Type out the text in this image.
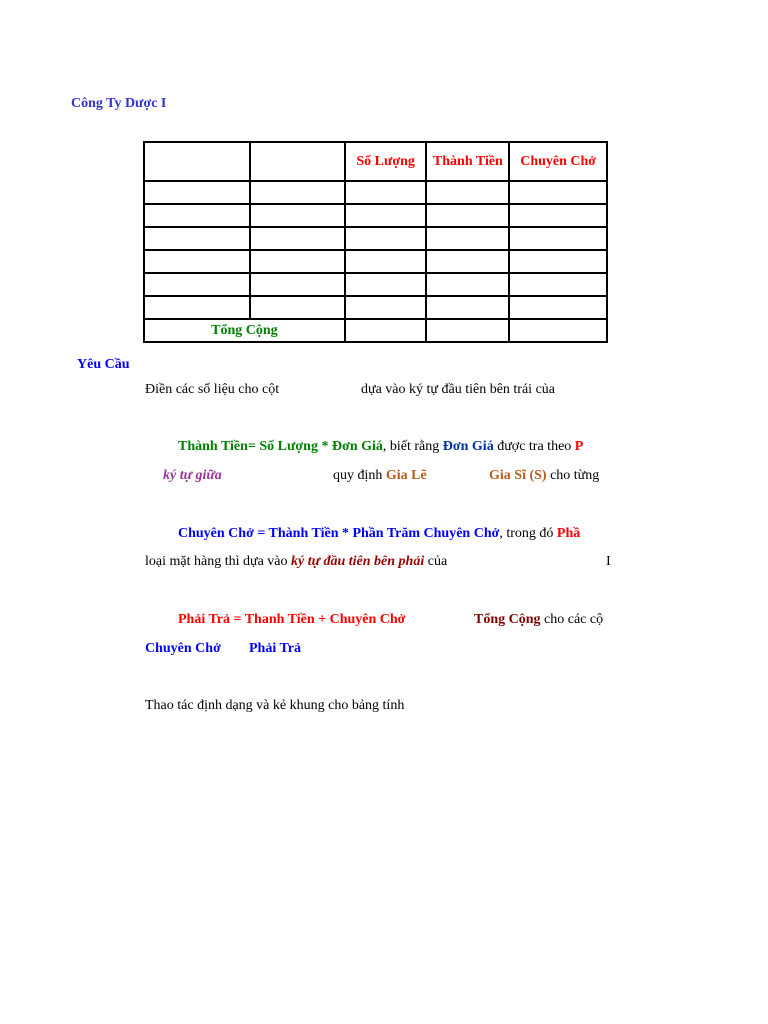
Công Ty Dược I
		Số Lượng	Thành Tiền	Chuyên Chở

Tổng Cộng				
Yêu Cầu
Điền các số liệu cho cột	dựa vào ký tự đầu tiên bên trái của
Thành Tiền= Số Lượng * Đơn Giá, biết rằng Đơn Giá được tra theo P
ký tự giữa	quy định Gia Lẽ	Gia Sĩ (S) cho từng
Chuyên Chở = Thành Tiền * Phần Trăm Chuyên Chở, trong đó Phầ
loại mặt hàng thì dựa vào ký tự đầu tiên bên phải của	I
Phải Trả = Thanh Tiền + Chuyên Chở	Tổng Cộng cho các cộ
Chuyên Chở Phải Trả
Thao tác định dạng và kẻ khung cho bảng tính
